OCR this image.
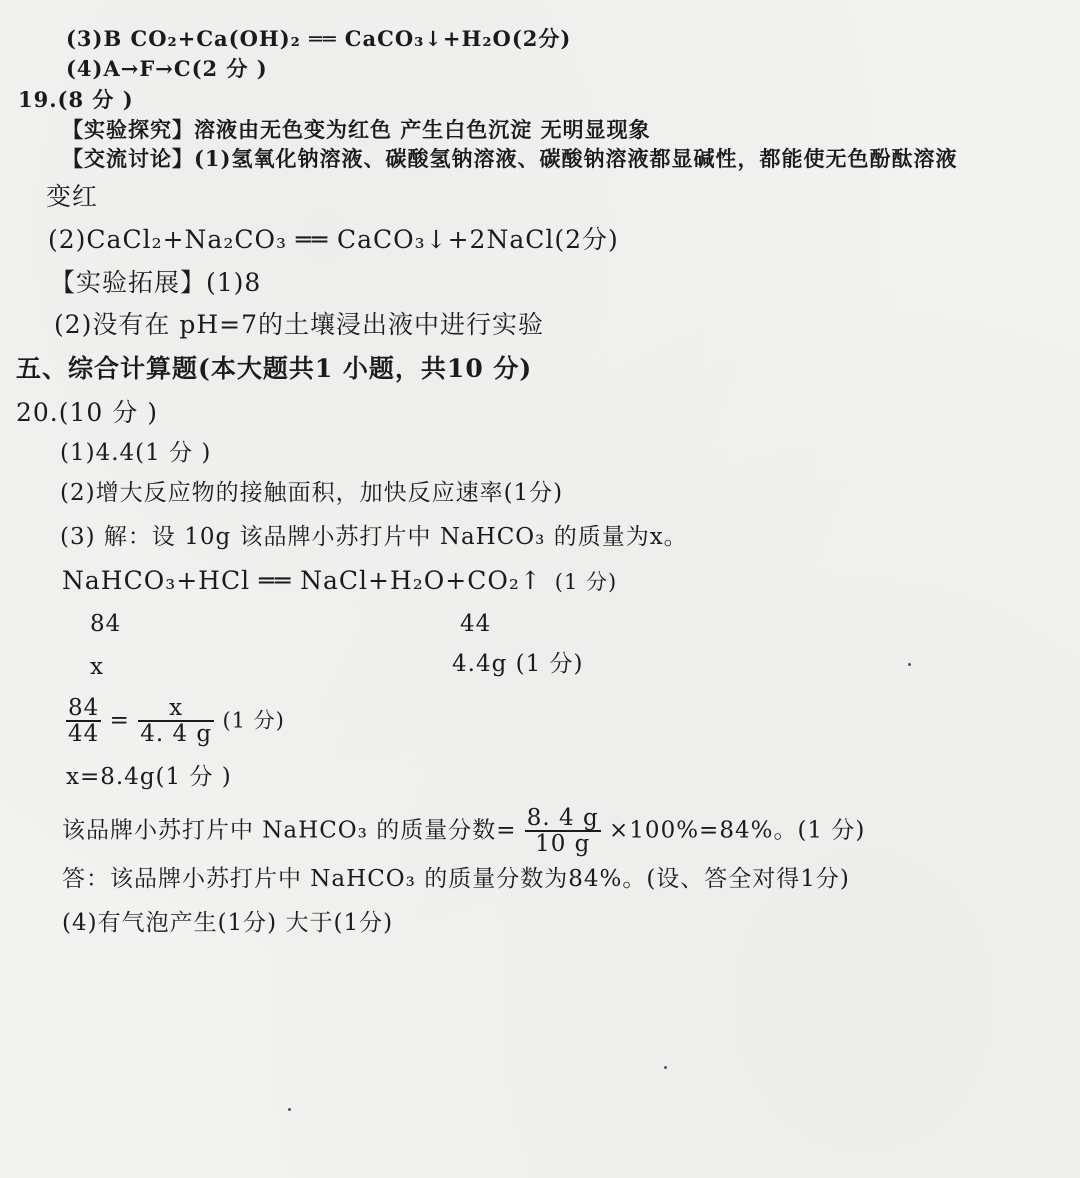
(3)B CO₂+Ca(OH)₂ ══ CaCO₃↓+H₂O(2分)
(4)A→F→C(2 分 )
19.(8 分 )
【实验探究】溶液由无色变为红色 产生白色沉淀 无明显现象
【交流讨论】(1)氢氧化钠溶液、碳酸氢钠溶液、碳酸钠溶液都显碱性，都能使无色酚酞溶液
变红
(2)CaCl₂+Na₂CO₃ ══ CaCO₃↓+2NaCl(2分)
【实验拓展】(1)8
(2)没有在 pH=7的土壤浸出液中进行实验
五、综合计算题(本大题共1 小题，共10 分)
20.(10 分 )
(1)4.4(1 分 )
(2)增大反应物的接触面积，加快反应速率(1分)
(3) 解：设 10g 该品牌小苏打片中 NaHCO₃ 的质量为x。
NaHCO₃+HCl ══ NaCl+H₂O+CO₂↑ (1 分)
84	44
x	4.4g (1 分)
$\frac{84}{44} = \frac{x}{4. 4 g} (1$ 分)
x=8.4g(1 分 )
该品牌小苏打片中 NaHCO₃ 的质量分数= $\frac{8. 4 g}{10 g} \times 100\%=84\%$。(1 分)
答：该品牌小苏打片中 NaHCO₃ 的质量分数为84%。(设、答全对得1分)
(4)有气泡产生(1分) 大于(1分)
